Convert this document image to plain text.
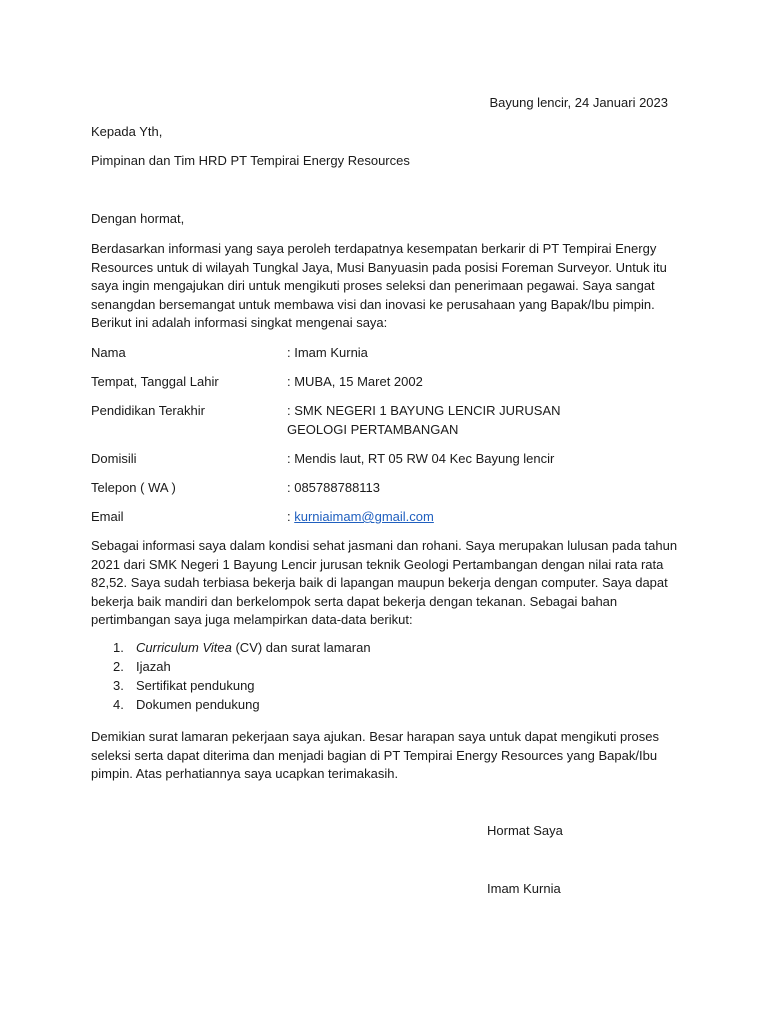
Bayung lencir, 24 Januari 2023
Kepada Yth,
Pimpinan dan Tim HRD PT Tempirai Energy Resources
Dengan hormat,
Berdasarkan informasi yang saya peroleh terdapatnya kesempatan berkarir di PT Tempirai Energy Resources untuk di wilayah Tungkal Jaya, Musi Banyuasin pada posisi Foreman Surveyor. Untuk itu saya ingin mengajukan diri untuk mengikuti proses seleksi dan penerimaan pegawai. Saya sangat senangdan bersemangat untuk membawa visi dan inovasi ke perusahaan yang Bapak/Ibu pimpin. Berikut ini adalah informasi singkat mengenai saya:
Nama	: Imam Kurnia
Tempat, Tanggal Lahir	: MUBA, 15 Maret 2002
Pendidikan Terakhir	: SMK NEGERI 1 BAYUNG LENCIR JURUSAN GEOLOGI PERTAMBANGAN
Domisili	: Mendis laut, RT 05 RW 04 Kec Bayung lencir
Telepon ( WA )	: 085788788113
Email	: kurniaimam@gmail.com
Sebagai informasi saya dalam kondisi sehat jasmani dan rohani. Saya merupakan lulusan pada tahun 2021 dari SMK Negeri 1 Bayung Lencir jurusan teknik Geologi Pertambangan dengan nilai rata rata 82,52. Saya sudah terbiasa bekerja baik di lapangan maupun bekerja dengan computer. Saya dapat bekerja baik mandiri dan berkelompok serta dapat bekerja dengan tekanan. Sebagai bahan pertimbangan saya juga melampirkan data-data berikut:
1. Curriculum Vitea (CV) dan surat lamaran
2. Ijazah
3. Sertifikat pendukung
4. Dokumen pendukung
Demikian surat lamaran pekerjaan saya ajukan. Besar harapan saya untuk dapat mengikuti proses seleksi serta dapat diterima dan menjadi bagian di PT Tempirai Energy Resources yang Bapak/Ibu pimpin. Atas perhatiannya saya ucapkan terimakasih.
Hormat Saya
Imam Kurnia
